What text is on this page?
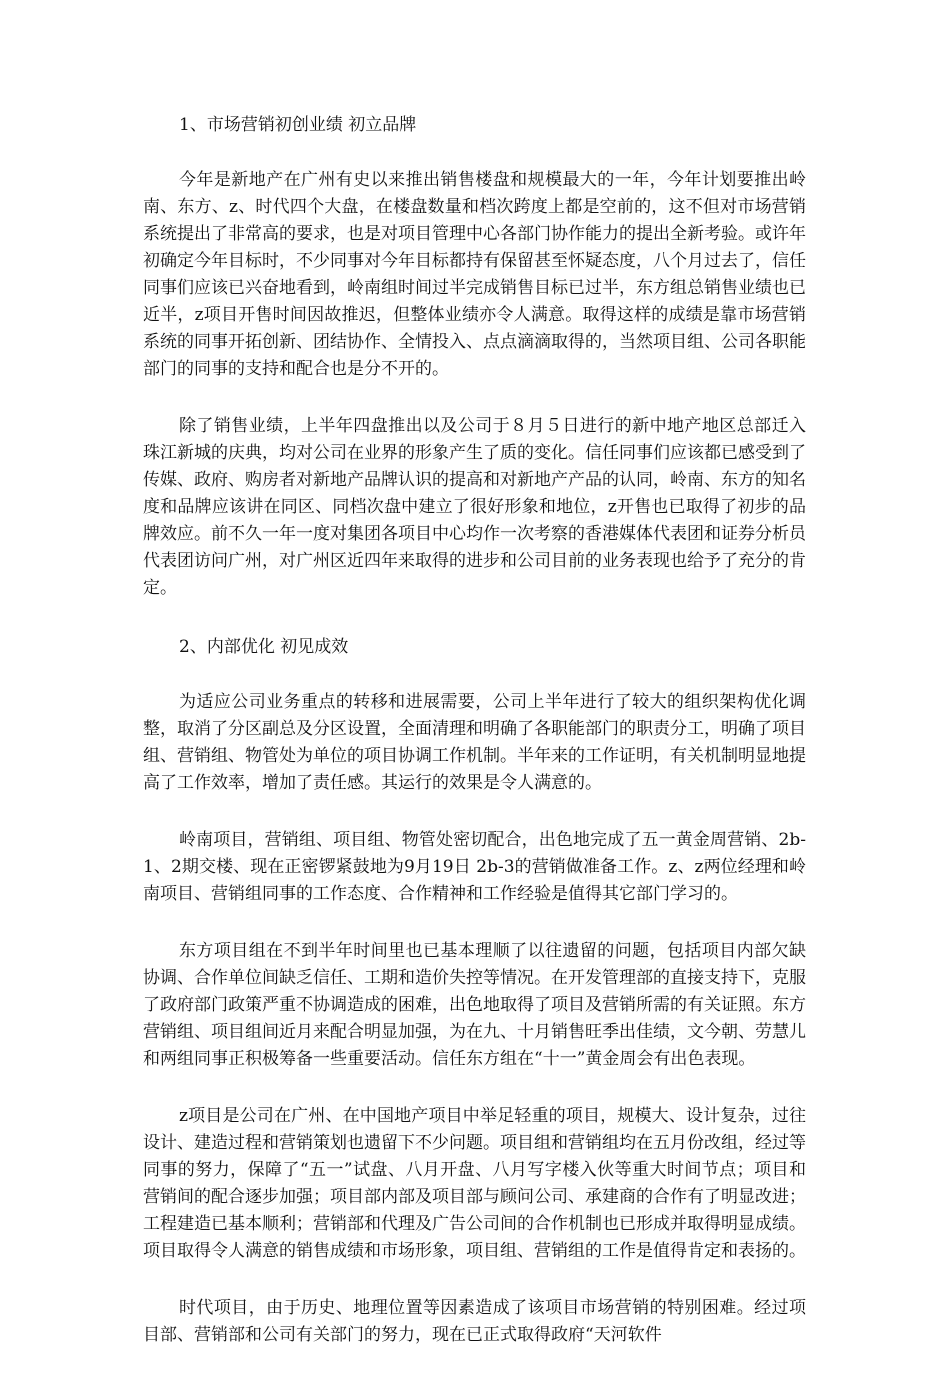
1、市场营销初创业绩 初立品牌

今年是新地产在广州有史以来推出销售楼盘和规模最大的一年，今年计划要推出岭南、东方、z、时代四个大盘，在楼盘数量和档次跨度上都是空前的，这不但对市场营销系统提出了非常高的要求，也是对项目管理中心各部门协作能力的提出全新考验。或许年初确定今年目标时，不少同事对今年目标都持有保留甚至怀疑态度，八个月过去了，信任同事们应该已兴奋地看到，岭南组时间过半完成销售目标已过半，东方组总销售业绩也已近半，z项目开售时间因故推迟，但整体业绩亦令人满意。取得这样的成绩是靠市场营销系统的同事开拓创新、团结协作、全情投入、点点滴滴取得的，当然项目组、公司各职能部门的同事的支持和配合也是分不开的。

除了销售业绩，上半年四盘推出以及公司于８月５日进行的新中地产地区总部迁入珠江新城的庆典，均对公司在业界的形象产生了质的变化。信任同事们应该都已感受到了传媒、政府、购房者对新地产品牌认识的提高和对新地产产品的认同，岭南、东方的知名度和品牌应该讲在同区、同档次盘中建立了很好形象和地位，z开售也已取得了初步的品牌效应。前不久一年一度对集团各项目中心均作一次考察的香港媒体代表团和证券分析员代表团访问广州，对广州区近四年来取得的进步和公司目前的业务表现也给予了充分的肯定。

2、内部优化 初见成效

为适应公司业务重点的转移和进展需要，公司上半年进行了较大的组织架构优化调整，取消了分区副总及分区设置，全面清理和明确了各职能部门的职责分工，明确了项目组、营销组、物管处为单位的项目协调工作机制。半年来的工作证明，有关机制明显地提高了工作效率，增加了责任感。其运行的效果是令人满意的。

岭南项目，营销组、项目组、物管处密切配合，出色地完成了五一黄金周营销、2b-1、2期交楼、现在正密锣紧鼓地为9月19日 2b-3的营销做准备工作。z、z两位经理和岭南项目、营销组同事的工作态度、合作精神和工作经验是值得其它部门学习的。

东方项目组在不到半年时间里也已基本理顺了以往遗留的问题，包括项目内部欠缺协调、合作单位间缺乏信任、工期和造价失控等情况。在开发管理部的直接支持下，克服了政府部门政策严重不协调造成的困难，出色地取得了项目及营销所需的有关证照。东方营销组、项目组间近月来配合明显加强，为在九、十月销售旺季出佳绩，文今朝、劳慧儿和两组同事正积极筹备一些重要活动。信任东方组在“十一”黄金周会有出色表现。

z项目是公司在广州、在中国地产项目中举足轻重的项目，规模大、设计复杂，过往设计、建造过程和营销策划也遗留下不少问题。项目组和营销组均在五月份改组，经过等同事的努力，保障了“五一”试盘、八月开盘、八月写字楼入伙等重大时间节点；项目和营销间的配合逐步加强；项目部内部及项目部与顾问公司、承建商的合作有了明显改进；工程建造已基本顺利；营销部和代理及广告公司间的合作机制也已形成并取得明显成绩。项目取得令人满意的销售成绩和市场形象，项目组、营销组的工作是值得肯定和表扬的。

时代项目，由于历史、地理位置等因素造成了该项目市场营销的特别困难。经过项目部、营销部和公司有关部门的努力，现在已正式取得政府“天河软件
